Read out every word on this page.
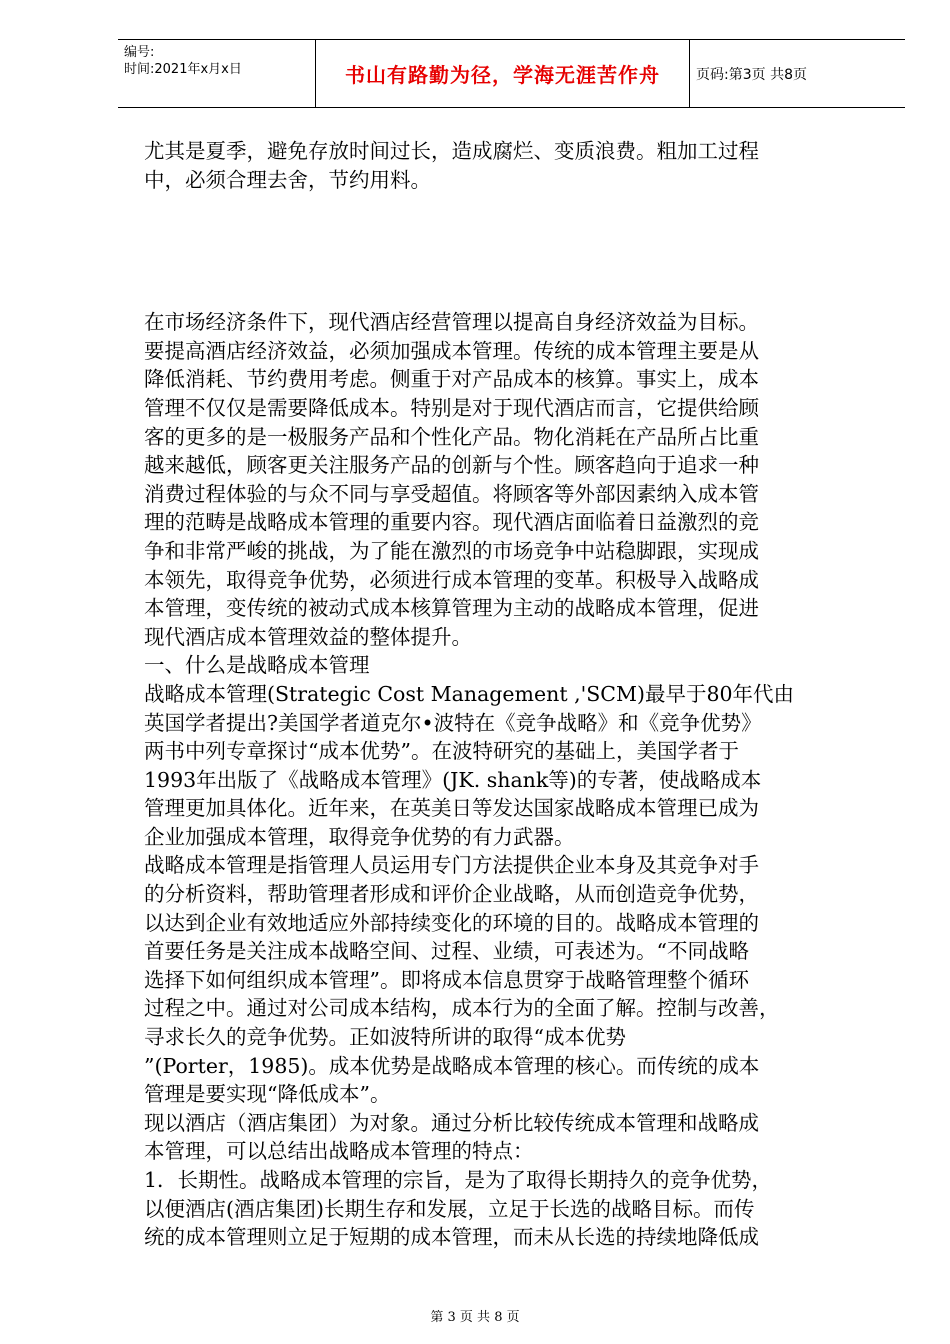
编号:
时间:2021年x月x日	书山有路勤为径，学海无涯苦作舟	页码:第3页 共8页

尤其是夏季，避免存放时间过长，造成腐烂、变质浪费。粗加工过程

中，必须合理去舍，节约用料。

在市场经济条件下，现代酒店经营管理以提高自身经济效益为目标。

要提高酒店经济效益，必须加强成本管理。传统的成本管理主要是从

降低消耗、节约费用考虑。侧重于对产品成本的核算。事实上，成本

管理不仅仅是需要降低成本。特别是对于现代酒店而言，它提供给顾

客的更多的是一极服务产品和个性化产品。物化消耗在产品所占比重

越来越低，顾客更关注服务产品的创新与个性。顾客趋向于追求一种

消费过程体验的与众不同与享受超值。将顾客等外部因素纳入成本管

理的范畴是战略成本管理的重要内容。现代酒店面临着日益激烈的竞

争和非常严峻的挑战，为了能在激烈的市场竞争中站稳脚跟，实现成

本领先，取得竞争优势，必须进行成本管理的变革。积极导入战略成

本管理，变传统的被动式成本核算管理为主动的战略成本管理，促进

现代酒店成本管理效益的整体提升。

一、什么是战略成本管理

战略成本管理(Strategic Cost Management ,'SCM)最早于80年代由

英国学者提出?美国学者道克尔•波特在《竞争战略》和《竞争优势》

两书中列专章探讨“成本优势”。在波特研究的基础上，美国学者于

1993年出版了《战略成本管理》(JK. shank等)的专著，使战略成本

管理更加具体化。近年来，在英美日等发达国家战略成本管理已成为

企业加强成本管理，取得竞争优势的有力武器。

战略成本管理是指管理人员运用专门方法提供企业本身及其竞争对手

的分析资料，帮助管理者形成和评价企业战略，从而创造竞争优势，

以达到企业有效地适应外部持续变化的环境的目的。战略成本管理的

首要任务是关注成本战略空间、过程、业绩，可表述为。“不同战略

选择下如何组织成本管理”。即将成本信息贯穿于战略管理整个循环

过程之中。通过对公司成本结构，成本行为的全面了解。控制与改善，

寻求长久的竞争优势。正如波特所讲的取得“成本优势

”(Porter，1985)。成本优势是战略成本管理的核心。而传统的成本

管理是要实现“降低成本”。

现以酒店（酒店集团）为对象。通过分析比较传统成本管理和战略成

本管理，可以总结出战略成本管理的特点：

1．长期性。战略成本管理的宗旨，是为了取得长期持久的竞争优势，

以便酒店(酒店集团)长期生存和发展，立足于长选的战略目标。而传

统的成本管理则立足于短期的成本管理，而未从长选的持续地降低成

第 3 页 共 8 页
